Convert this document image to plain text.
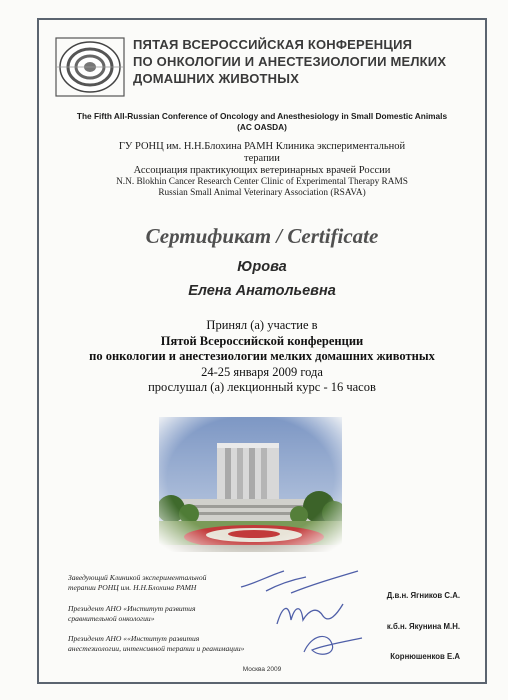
ПЯТАЯ ВСЕРОССИЙСКАЯ КОНФЕРЕНЦИЯ
ПО ОНКОЛОГИИ И АНЕСТЕЗИОЛОГИИ МЕЛКИХ
ДОМАШНИХ ЖИВОТНЫХ
The Fifth All-Russian Conference of Oncology and Anesthesiology in Small Domestic Animals
(AC OASDA)
ГУ РОНЦ им. Н.Н.Блохина РАМН Клиника экспериментальной
терапии
Ассоциация практикующих ветеринарных врачей России
N.N. Blokhin Cancer Research Center Clinic of Experimental Therapy RAMS
Russian Small Animal Veterinary Association (RSAVA)
Сертификат / Certificate
Юрова
Елена Анатольевна
Принял (а) участие в
Пятой Всероссийской конференции
по онкологии и анестезиологии мелких домашних животных
24-25 января 2009 года
прослушал (а) лекционный курс - 16 часов
Заведующий Клиникой экспериментальной
терапии РОНЦ им. Н.Н.Блохина РАМН
Д.в.н. Ягников С.А.
Президент АНО «Институт развития
сравнительной онкологии»
к.б.н. Якунина М.Н.
Президент АНО ««Институт развития
анестезиологии, интенсивной терапии и реанимации»
Корнюшенков Е.А
Москва 2009
